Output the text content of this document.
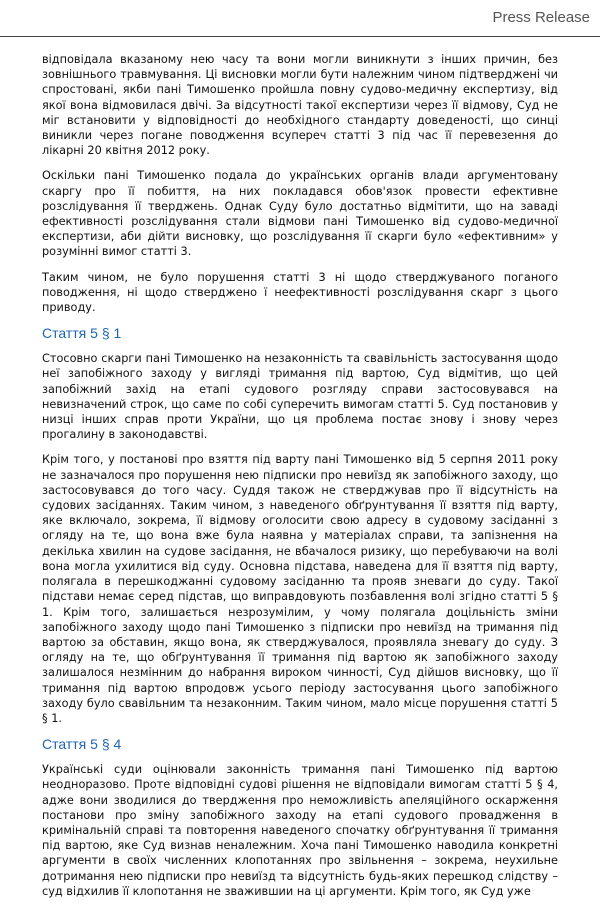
Press Release

відповідала вказаному нею часу та вони могли виникнути з інших причин, без зовнішнього травмування. Ці висновки могли бути належним чином підтверджені чи спростовані, якби пані Тимошенко пройшла повну судово-медичну експертизу, від якої вона відмовилася двічі. За відсутності такої експертизи через її відмову, Суд не міг встановити у відповідності до необхідного стандарту доведеності, що синці виникли через погане поводження всупереч статті 3 під час її перевезення до лікарні 20 квітня 2012 року.

Оскільки пані Тимошенко подала до українських органів влади аргументовану скаргу про її побиття, на них покладався обов'язок провести ефективне розслідування її тверджень. Однак Суду було достатньо відмітити, що на заваді ефективності розслідування стали відмови пані Тимошенко від судово-медичної експертизи, аби дійти висновку, що розслідування її скарги було «ефективним» у розумінні вимог статті 3.

Таким чином, не було порушення статті 3 ні щодо стверджуваного поганого поводження, ні щодо стверджено ї неефективності розслідування скарг з цього приводу.

Стаття 5 § 1

Стосовно скарги пані Тимошенко на незаконність та свавільність застосування щодо неї запобіжного заходу у вигляді тримання під вартою, Суд відмітив, що цей запобіжний захід на етапі судового розгляду справи застосовувався на невизначений строк, що саме по собі суперечить вимогам статті 5. Суд постановив у низці інших справ проти України, що ця проблема постає знову і знову через прогалину в законодавстві.

Крім того, у постанові про взяття під варту пані Тимошенко від 5 серпня 2011 року не зазначалося про порушення нею підписки про невиїзд як запобіжного заходу, що застосовувався до того часу. Суддя також не стверджував про її відсутність на судових засіданнях. Таким чином, з наведеного обґрунтування її взяття під варту, яке включало, зокрема, її відмову оголосити свою адресу в судовому засіданні з огляду на те, що вона вже була наявна у матеріалах справи, та запізнення на декілька хвилин на судове засідання, не вбачалося ризику, що перебуваючи на волі вона могла ухилитися від суду. Основна підстава, наведена для її взяття під варту, полягала в перешкоджанні судовому засіданню та прояв зневаги до суду. Такої підстави немає серед підстав, що виправдовують позбавлення волі згідно статті 5 § 1. Крім того, залишається незрозумілим, у чому полягала доцільність зміни запобіжного заходу щодо пані Тимошенко з підписки про невиїзд на тримання під вартою за обставин, якщо вона, як стверджувалося, проявляла зневагу до суду. З огляду на те, що обґрунтування її тримання під вартою як запобіжного заходу залишалося незмінним до набрання вироком чинності, Суд дійшов висновку, що її тримання під вартою впродовж усього періоду застосування цього запобіжного заходу було свавільним та незаконним. Таким чином, мало місце порушення статті 5 § 1.

Стаття 5 § 4

Українські суди оцінювали законність тримання пані Тимошенко під вартою неодноразово. Проте відповідні судові рішення не відповідали вимогам статті 5 § 4, адже вони зводилися до твердження про неможливість апеляційного оскарження постанови про зміну запобіжного заходу на етапі судового провадження в кримінальній справі та повторення наведеного спочатку обґрунтування її тримання під вартою, яке Суд визнав неналежним. Хоча пані Тимошенко наводила конкретні аргументи в своїх численних клопотаннях про звільнення – зокрема, неухильне дотримання нею підписки про невиїзд та відсутність будь-яких перешкод слідству – суд відхилив її клопотання не зважившии на ці аргументи. Крім того, як Суд уже
